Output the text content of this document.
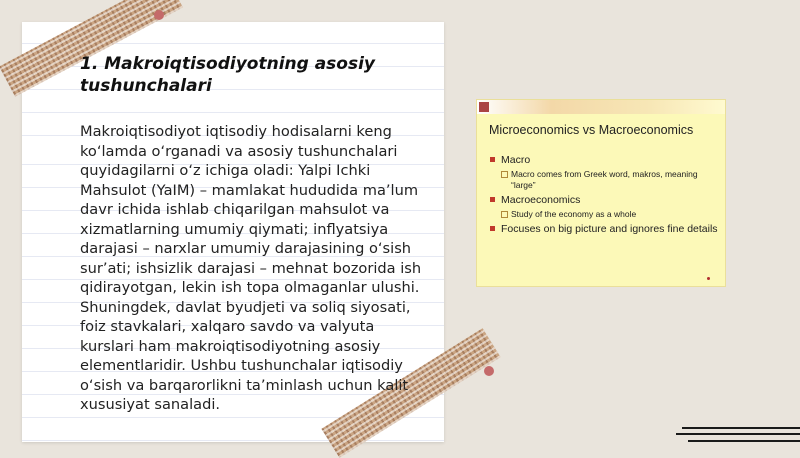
1. Makroiqtisodiyotning asosiy tushunchalari

Makroiqtisodiyot iqtisodiy hodisalarni keng ko‘lamda o‘rganadi va asosiy tushunchalari quyidagilarni o‘z ichiga oladi: Yalpi Ichki Mahsulot (YaIM) – mamlakat hududida ma’lum davr ichida ishlab chiqarilgan mahsulot va xizmatlarning umumiy qiymati; inflyatsiya darajasi – narxlar umumiy darajasining o‘sish sur’ati; ishsizlik darajasi – mehnat bozorida ish qidirayotgan, lekin ish topa olmaganlar ulushi. Shuningdek, davlat byudjeti va soliq siyosati, foiz stavkalari, xalqaro savdo va valyuta kurslari ham makroiqtisodiyotning asosiy elementlaridir. Ushbu tushunchalar iqtisodiy o‘sish va barqarorlikni ta’minlash uchun kalit xususiyat sanaladi.

Microeconomics vs Macroeconomics

Macro
Macro comes from Greek word, makros, meaning “large”
Macroeconomics
Study of the economy as a whole
Focuses on big picture and ignores fine details
